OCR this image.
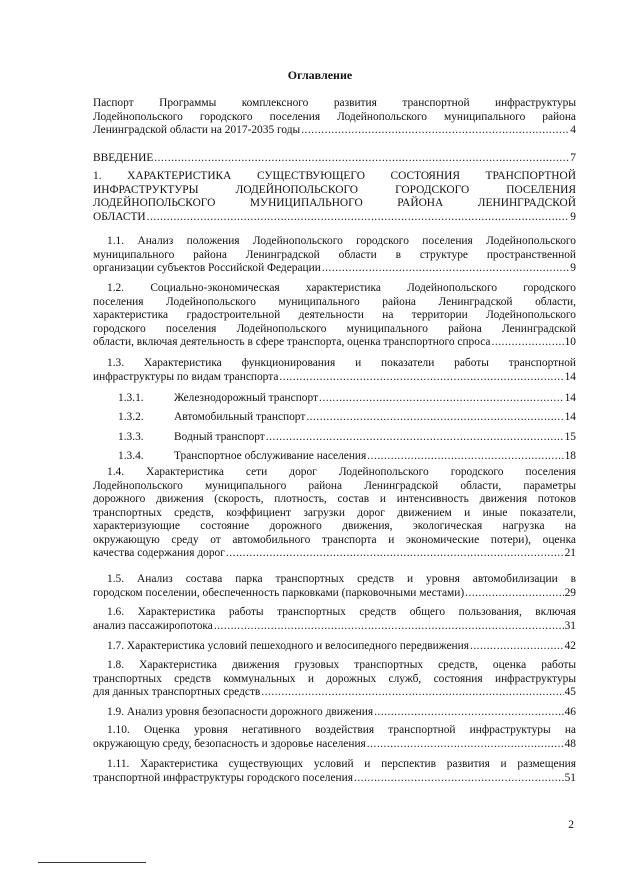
Оглавление
Паспорт Программы комплексного развития транспортной инфраструктуры
Лодейнопольского городского поселения Лодейнопольского муниципального района
Ленинградской области на 2017-2035 годы .....	4
ВВЕДЕНИЕ .....	7
1. ХАРАКТЕРИСТИКА СУЩЕСТВУЮЩЕГО СОСТОЯНИЯ ТРАНСПОРТНОЙ
ИНФРАСТРУКТУРЫ ЛОДЕЙНОПОЛЬСКОГО ГОРОДСКОГО ПОСЕЛЕНИЯ
ЛОДЕЙНОПОЛЬСКОГО МУНИЦИПАЛЬНОГО РАЙОНА ЛЕНИНГРАДСКОЙ
ОБЛАСТИ .....	9
1.1. Анализ положения Лодейнопольского городского поселения Лодейнопольского
муниципального района Ленинградской области в структуре пространственной
организации субъектов Российской Федерации .....	9
1.2. Социально-экономическая характеристика Лодейнопольского городского
поселения Лодейнопольского муниципального района Ленинградской области,
характеристика градостроительной деятельности на территории Лодейнопольского
городского поселения Лодейнопольского муниципального района Ленинградской
области, включая деятельность в сфере транспорта, оценка транспортного спроса .....	10
1.3. Характеристика функционирования и показатели работы транспортной
инфраструктуры по видам транспорта .....	14
1.3.1.	Железнодорожный транспорт .....	14
1.3.2.	Автомобильный транспорт .....	14
1.3.3.	Водный транспорт .....	15
1.3.4.	Транспортное обслуживание населения .....	18
1.4. Характеристика сети дорог Лодейнопольского городского поселения
Лодейнопольского муниципального района Ленинградской области, параметры
дорожного движения (скорость, плотность, состав и интенсивность движения потоков
транспортных средств, коэффициент загрузки дорог движением и иные показатели,
характеризующие состояние дорожного движения, экологическая нагрузка на
окружающую среду от автомобильного транспорта и экономические потери), оценка
качества содержания дорог .....	21
1.5. Анализ состава парка транспортных средств и уровня автомобилизации в
городском поселении, обеспеченность парковками (парковочными местами) .....	29
1.6. Характеристика работы транспортных средств общего пользования, включая
анализ пассажиропотока .....	31
1.7. Характеристика условий пешеходного и велосипедного передвижения .....	42
1.8. Характеристика движения грузовых транспортных средств, оценка работы
транспортных средств коммунальных и дорожных служб, состояния инфраструктуры
для данных транспортных средств .....	45
1.9. Анализ уровня безопасности дорожного движения .....	46
1.10. Оценка уровня негативного воздействия транспортной инфраструктуры на
окружающую среду, безопасность и здоровье населения .....	48
1.11. Характеристика существующих условий и перспектив развития и размещения
транспортной инфраструктуры городского поселения .....	51
2
